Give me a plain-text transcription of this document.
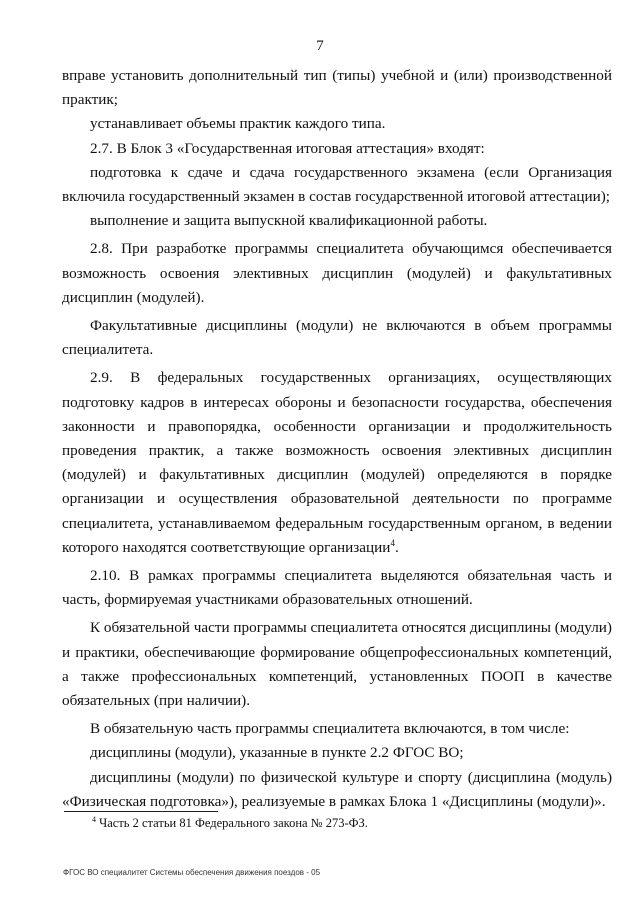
7

вправе установить дополнительный тип (типы) учебной и (или) производственной практик;

устанавливает объемы практик каждого типа.

2.7. В Блок 3 «Государственная итоговая аттестация» входят:

подготовка к сдаче и сдача государственного экзамена (если Организация включила государственный экзамен в состав государственной итоговой аттестации);

выполнение и защита выпускной квалификационной работы.

2.8. При разработке программы специалитета обучающимся обеспечивается возможность освоения элективных дисциплин (модулей) и факультативных дисциплин (модулей).

Факультативные дисциплины (модули) не включаются в объем программы специалитета.

2.9. В федеральных государственных организациях, осуществляющих подготовку кадров в интересах обороны и безопасности государства, обеспечения законности и правопорядка, особенности организации и продолжительность проведения практик, а также возможность освоения элективных дисциплин (модулей) и факультативных дисциплин (модулей) определяются в порядке организации и осуществления образовательной деятельности по программе специалитета, устанавливаемом федеральным государственным органом, в ведении которого находятся соответствующие организации$^4$.

2.10. В рамках программы специалитета выделяются обязательная часть и часть, формируемая участниками образовательных отношений.

К обязательной части программы специалитета относятся дисциплины (модули) и практики, обеспечивающие формирование общепрофессиональных компетенций, а также профессиональных компетенций, установленных ПООП в качестве обязательных (при наличии).

В обязательную часть программы специалитета включаются, в том числе:

дисциплины (модули), указанные в пункте 2.2 ФГОС ВО;

дисциплины (модули) по физической культуре и спорту (дисциплина (модуль) «Физическая подготовка»), реализуемые в рамках Блока 1 «Дисциплины (модули)».

$^4$ Часть 2 статьи 81 Федерального закона № 273-ФЗ.
ФГОС ВО специалитет Системы обеспечения движения поездов - 05
